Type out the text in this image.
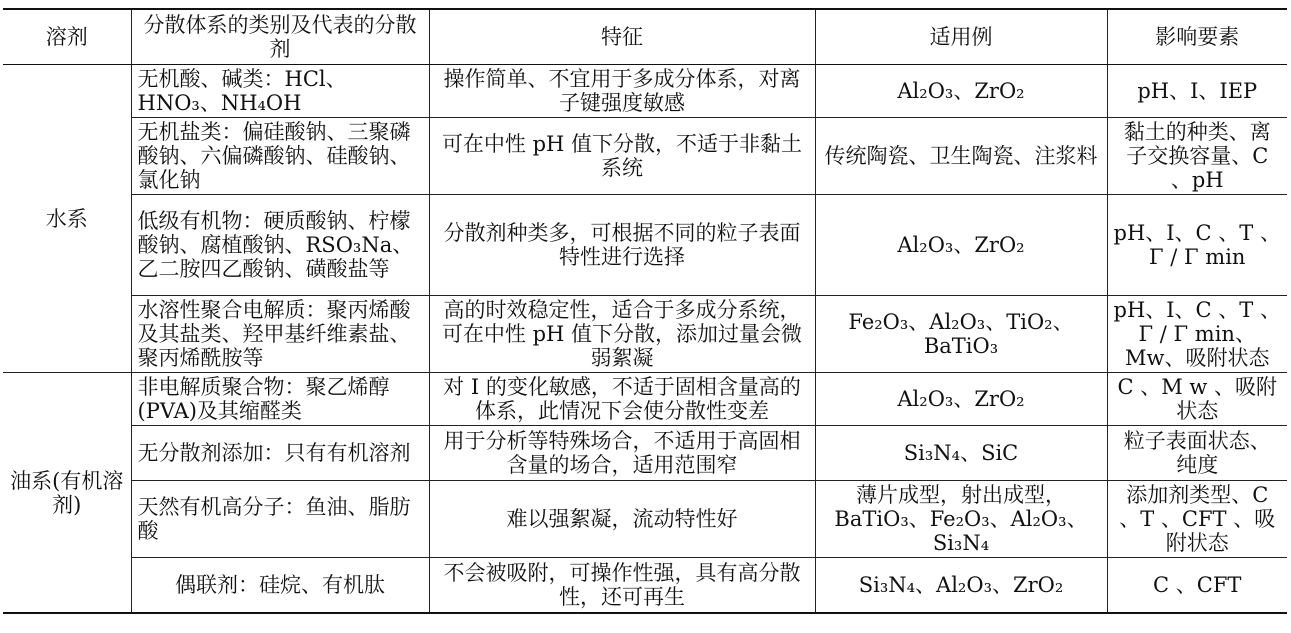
溶剂	分散体系的类别及代表的分散剂	特征	适用例	影响要素
水系	无机酸、碱类：HCl、HNO₃、NH₄OH	操作简单、不宜用于多成分体系，对离子键强度敏感	Al₂O₃、ZrO₂	pH、I、IEP
	无机盐类：偏硅酸钠、三聚磷酸钠、六偏磷酸钠、硅酸钠、氯化钠	可在中性 pH 值下分散，不适于非黏土系统	传统陶瓷、卫生陶瓷、注浆料	黏土的种类、离子交换容量、C 、pH
	低级有机物：硬质酸钠、柠檬酸钠、腐植酸钠、RSO₃Na、乙二胺四乙酸钠、磺酸盐等	分散剂种类多，可根据不同的粒子表面特性进行选择	Al₂O₃、ZrO₂	pH、I、C 、T 、Γ / Γ min
	水溶性聚合电解质：聚丙烯酸及其盐类、羟甲基纤维素盐、聚丙烯酰胺等	高的时效稳定性，适合于多成分系统，可在中性 pH 值下分散，添加过量会微弱絮凝	Fe₂O₃、Al₂O₃、TiO₂、BaTiO₃	pH、I、C 、T 、Γ / Γ min、Mw、吸附状态
油系(有机溶剂)	非电解质聚合物：聚乙烯醇(PVA)及其缩醛类	对 I 的变化敏感，不适于固相含量高的体系，此情况下会使分散性变差	Al₂O₃、ZrO₂	C 、M w 、吸附状态
	无分散剂添加：只有有机溶剂	用于分析等特殊场合，不适用于高固相含量的场合，适用范围窄	Si₃N₄、SiC	粒子表面状态、纯度
	天然有机高分子：鱼油、脂肪酸	难以强絮凝，流动特性好	薄片成型，射出成型，BaTiO₃、Fe₂O₃、Al₂O₃、Si₃N₄	添加剂类型、C 、T 、CFT 、吸附状态
	偶联剂：硅烷、有机肽	不会被吸附，可操作性强，具有高分散性，还可再生	Si₃N₄、Al₂O₃、ZrO₂	C 、CFT
